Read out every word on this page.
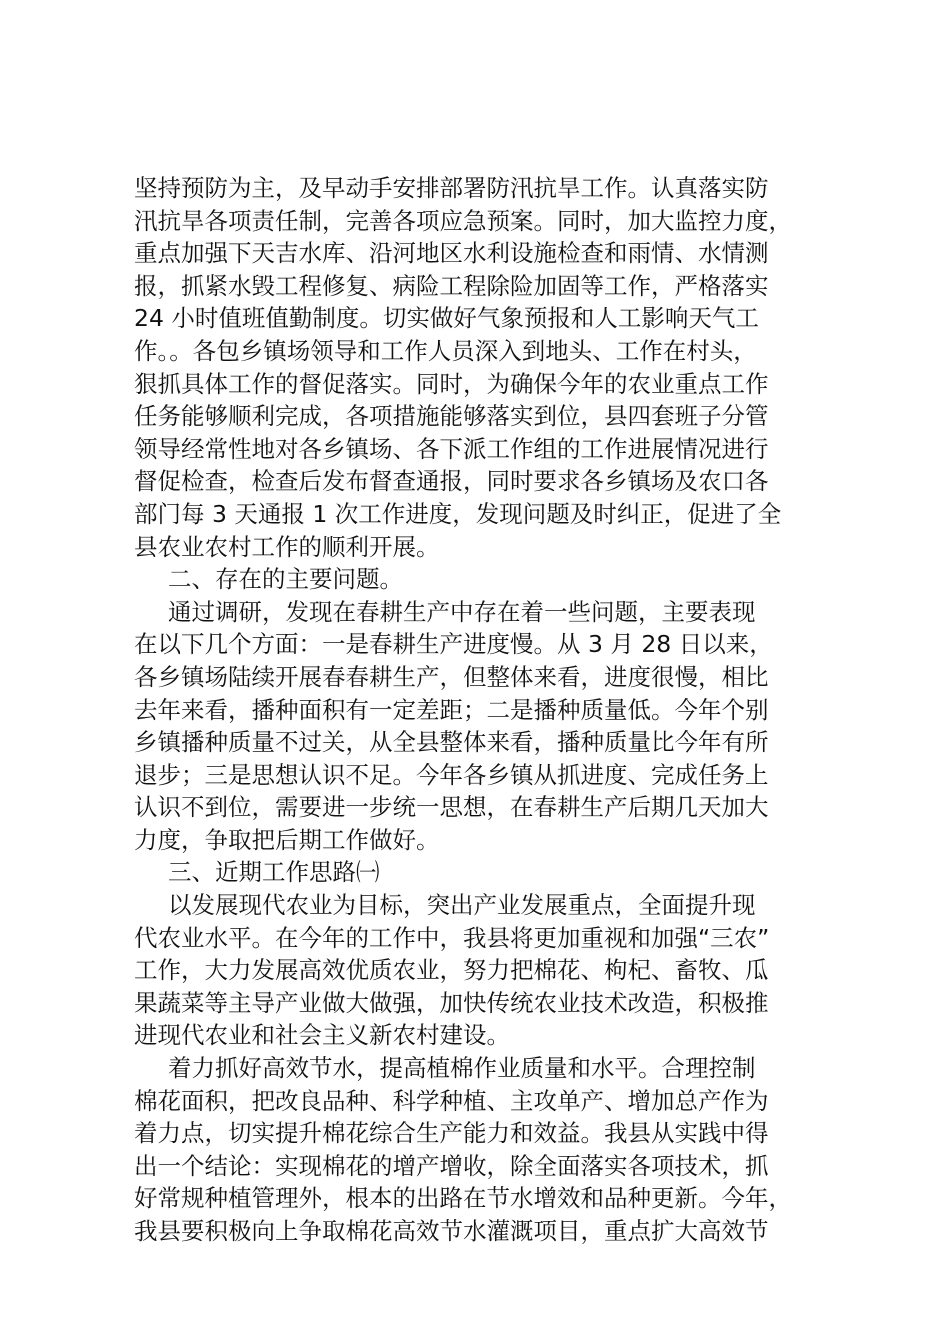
坚持预防为主，及早动手安排部署防汛抗旱工作。认真落实防
汛抗旱各项责任制，完善各项应急预案。同时，加大监控力度，
重点加强下天吉水库、沿河地区水利设施检查和雨情、水情测
报，抓紧水毁工程修复、病险工程除险加固等工作，严格落实
24 小时值班值勤制度。切实做好气象预报和人工影响天气工
作。。各包乡镇场领导和工作人员深入到地头、工作在村头，
狠抓具体工作的督促落实。同时，为确保今年的农业重点工作
任务能够顺利完成，各项措施能够落实到位，县四套班子分管
领导经常性地对各乡镇场、各下派工作组的工作进展情况进行
督促检查，检查后发布督查通报，同时要求各乡镇场及农口各
部门每 3 天通报 1 次工作进度，发现问题及时纠正，促进了全
县农业农村工作的顺利开展。
二、存在的主要问题。
通过调研，发现在春耕生产中存在着一些问题，主要表现
在以下几个方面：一是春耕生产进度慢。从 3 月 28 日以来，
各乡镇场陆续开展春春耕生产，但整体来看，进度很慢，相比
去年来看，播种面积有一定差距；二是播种质量低。今年个别
乡镇播种质量不过关，从全县整体来看，播种质量比今年有所
退步；三是思想认识不足。今年各乡镇从抓进度、完成任务上
认识不到位，需要进一步统一思想，在春耕生产后期几天加大
力度，争取把后期工作做好。
三、近期工作思路㈠
以发展现代农业为目标，突出产业发展重点，全面提升现
代农业水平。在今年的工作中，我县将更加重视和加强“三农”
工作，大力发展高效优质农业，努力把棉花、枸杞、畜牧、瓜
果蔬菜等主导产业做大做强，加快传统农业技术改造，积极推
进现代农业和社会主义新农村建设。
着力抓好高效节水，提高植棉作业质量和水平。合理控制
棉花面积，把改良品种、科学种植、主攻单产、增加总产作为
着力点，切实提升棉花综合生产能力和效益。我县从实践中得
出一个结论：实现棉花的增产增收，除全面落实各项技术，抓
好常规种植管理外，根本的出路在节水增效和品种更新。今年，
我县要积极向上争取棉花高效节水灌溉项目，重点扩大高效节
